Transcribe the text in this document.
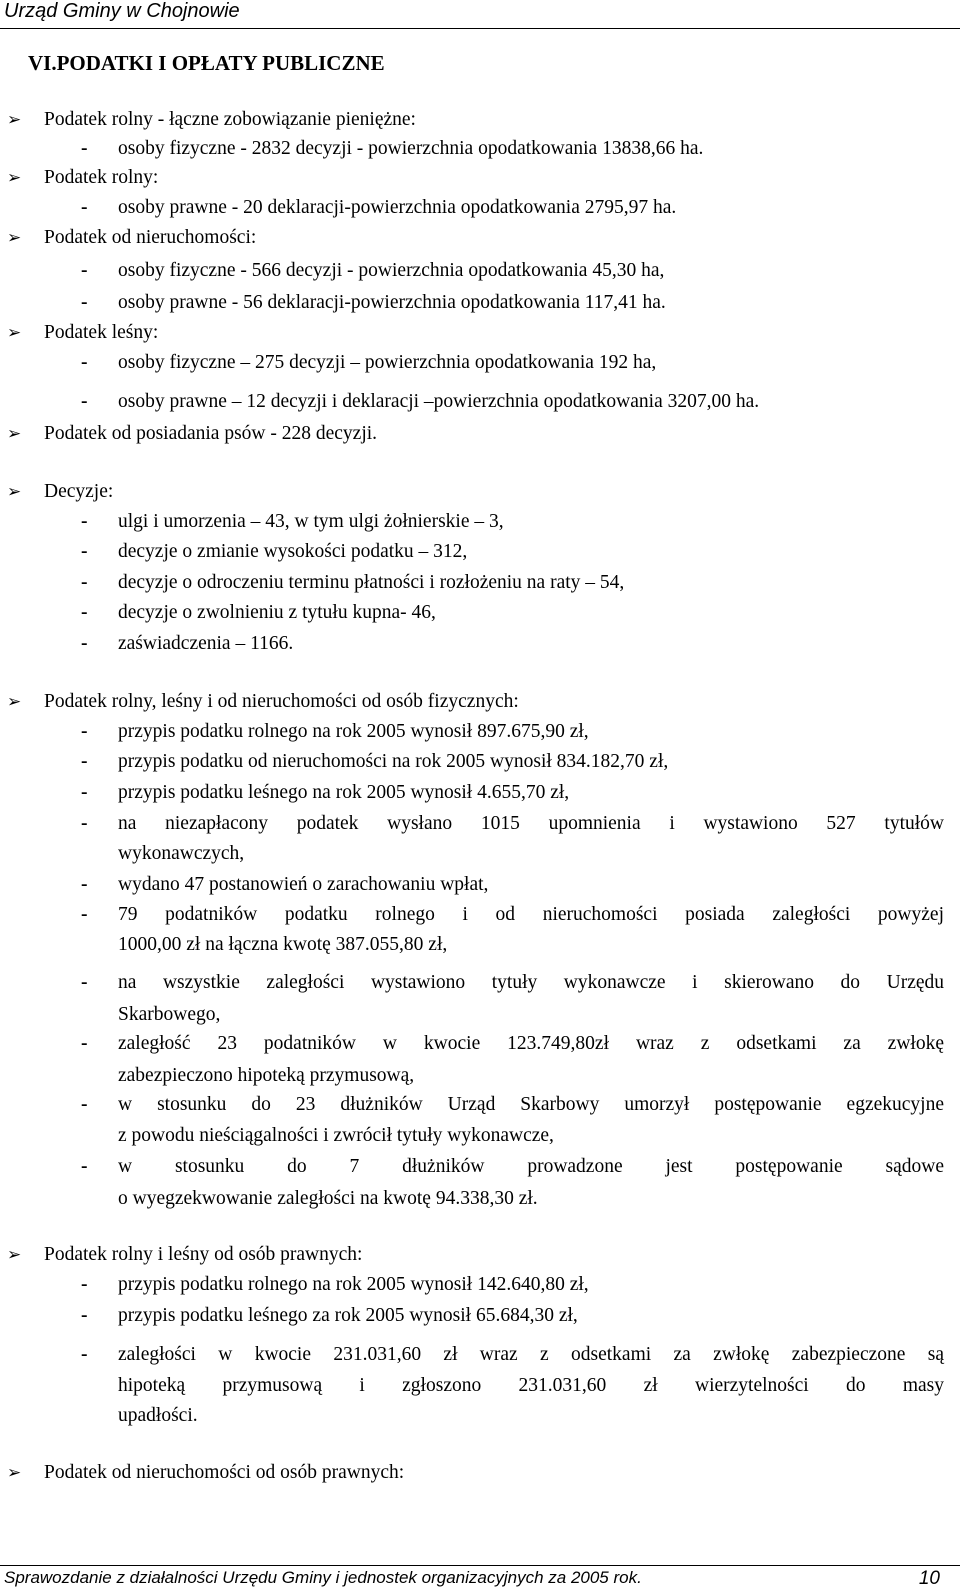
Urząd Gminy w Chojnowie
VI.PODATKI I OPŁATY PUBLICZNE
➢ Podatek rolny - łączne zobowiązanie pieniężne:
- osoby fizyczne - 2832 decyzji - powierzchnia opodatkowania 13838,66 ha.
➢ Podatek rolny:
- osoby prawne - 20 deklaracji-powierzchnia opodatkowania 2795,97 ha.
➢ Podatek od nieruchomości:
- osoby fizyczne - 566 decyzji - powierzchnia opodatkowania 45,30 ha,
- osoby prawne - 56 deklaracji-powierzchnia opodatkowania 117,41 ha.
➢ Podatek leśny:
- osoby fizyczne – 275 decyzji – powierzchnia opodatkowania 192 ha,
- osoby prawne – 12 decyzji i deklaracji –powierzchnia opodatkowania 3207,00 ha.
➢ Podatek od posiadania psów - 228 decyzji.
➢ Decyzje:
- ulgi i umorzenia – 43, w tym ulgi żołnierskie – 3,
- decyzje o zmianie wysokości podatku – 312,
- decyzje o odroczeniu terminu płatności i rozłożeniu na raty – 54,
- decyzje o zwolnieniu z tytułu kupna- 46,
- zaświadczenia – 1166.
➢ Podatek rolny, leśny i od nieruchomości od osób fizycznych:
- przypis podatku rolnego na rok 2005 wynosił 897.675,90 zł,
- przypis podatku od nieruchomości na rok 2005 wynosił 834.182,70 zł,
- przypis podatku leśnego na rok 2005 wynosił 4.655,70 zł,
- na niezapłacony podatek wysłano 1015 upomnienia i wystawiono 527 tytułów
wykonawczych,
- wydano 47 postanowień o zarachowaniu wpłat,
- 79 podatników podatku rolnego i od nieruchomości posiada zaległości powyżej
1000,00 zł na łączna kwotę 387.055,80 zł,
- na wszystkie zaległości wystawiono tytuły wykonawcze i skierowano do Urzędu
Skarbowego,
- zaległość 23 podatników w kwocie 123.749,80zł wraz z odsetkami za zwłokę
zabezpieczono hipoteką przymusową,
- w stosunku do 23 dłużników Urząd Skarbowy umorzył postępowanie egzekucyjne
z powodu nieściągalności i zwrócił tytuły wykonawcze,
- w stosunku do 7 dłużników prowadzone jest postępowanie sądowe
o wyegzekwowanie zaległości na kwotę 94.338,30 zł.
➢ Podatek rolny i leśny od osób prawnych:
- przypis podatku rolnego na rok 2005 wynosił 142.640,80 zł,
- przypis podatku leśnego za rok 2005 wynosił 65.684,30 zł,
- zaległości w kwocie 231.031,60 zł wraz z odsetkami za zwłokę zabezpieczone są
hipoteką przymusową i zgłoszono 231.031,60 zł wierzytelności do masy
upadłości.
➢ Podatek od nieruchomości od osób prawnych:
Sprawozdanie z działalności Urzędu Gminy i jednostek organizacyjnych za 2005 rok.	10
